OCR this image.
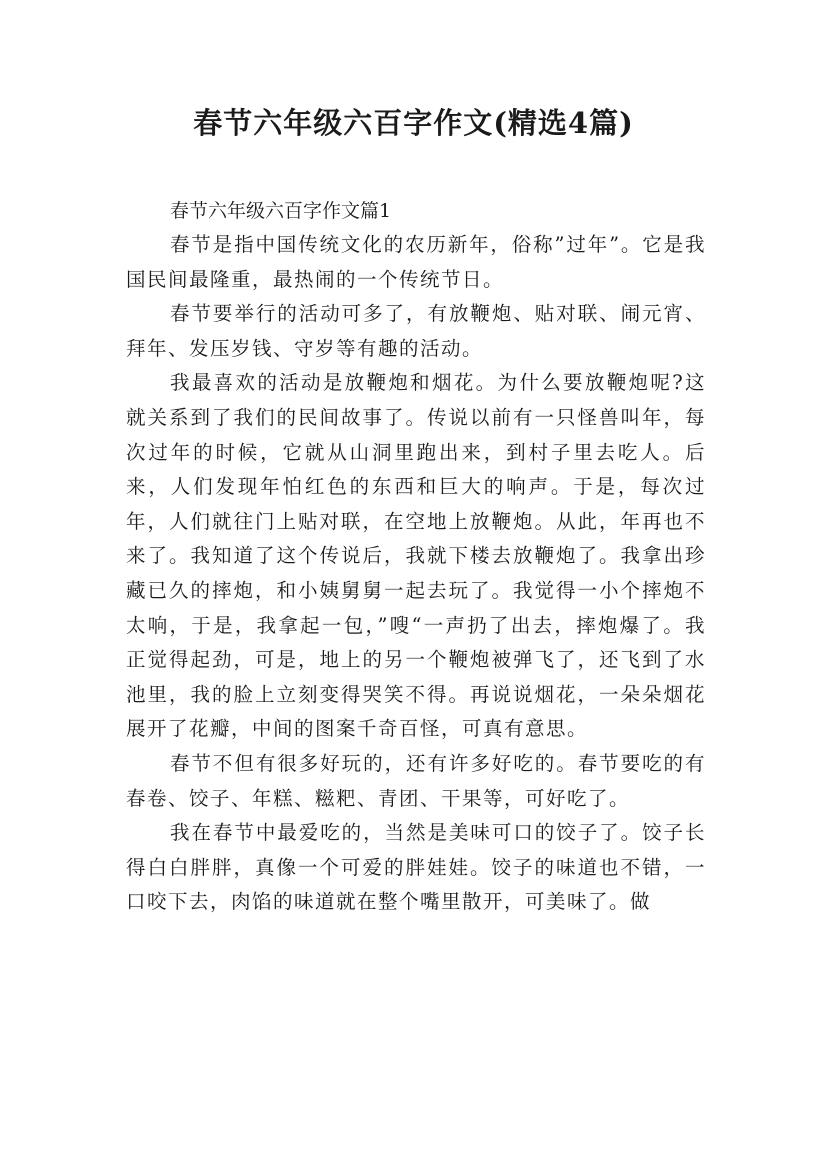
春节六年级六百字作文(精选4篇)

春节六年级六百字作文篇1

春节是指中国传统文化的农历新年，俗称”过年”。它是我国民间最隆重，最热闹的一个传统节日。

春节要举行的活动可多了，有放鞭炮、贴对联、闹元宵、拜年、发压岁钱、守岁等有趣的活动。

我最喜欢的活动是放鞭炮和烟花。为什么要放鞭炮呢?这就关系到了我们的民间故事了。传说以前有一只怪兽叫年，每次过年的时候，它就从山洞里跑出来，到村子里去吃人。后来，人们发现年怕红色的东西和巨大的响声。于是，每次过年，人们就往门上贴对联，在空地上放鞭炮。从此，年再也不来了。我知道了这个传说后，我就下楼去放鞭炮了。我拿出珍藏已久的摔炮，和小姨舅舅一起去玩了。我觉得一小个摔炮不太响，于是，我拿起一包，”嗖“一声扔了出去，摔炮爆了。我正觉得起劲，可是，地上的另一个鞭炮被弹飞了，还飞到了水池里，我的脸上立刻变得哭笑不得。再说说烟花，一朵朵烟花展开了花瓣，中间的图案千奇百怪，可真有意思。

春节不但有很多好玩的，还有许多好吃的。春节要吃的有春卷、饺子、年糕、糍粑、青团、干果等，可好吃了。

我在春节中最爱吃的，当然是美味可口的饺子了。饺子长得白白胖胖，真像一个可爱的胖娃娃。饺子的味道也不错，一口咬下去，肉馅的味道就在整个嘴里散开，可美味了。做
